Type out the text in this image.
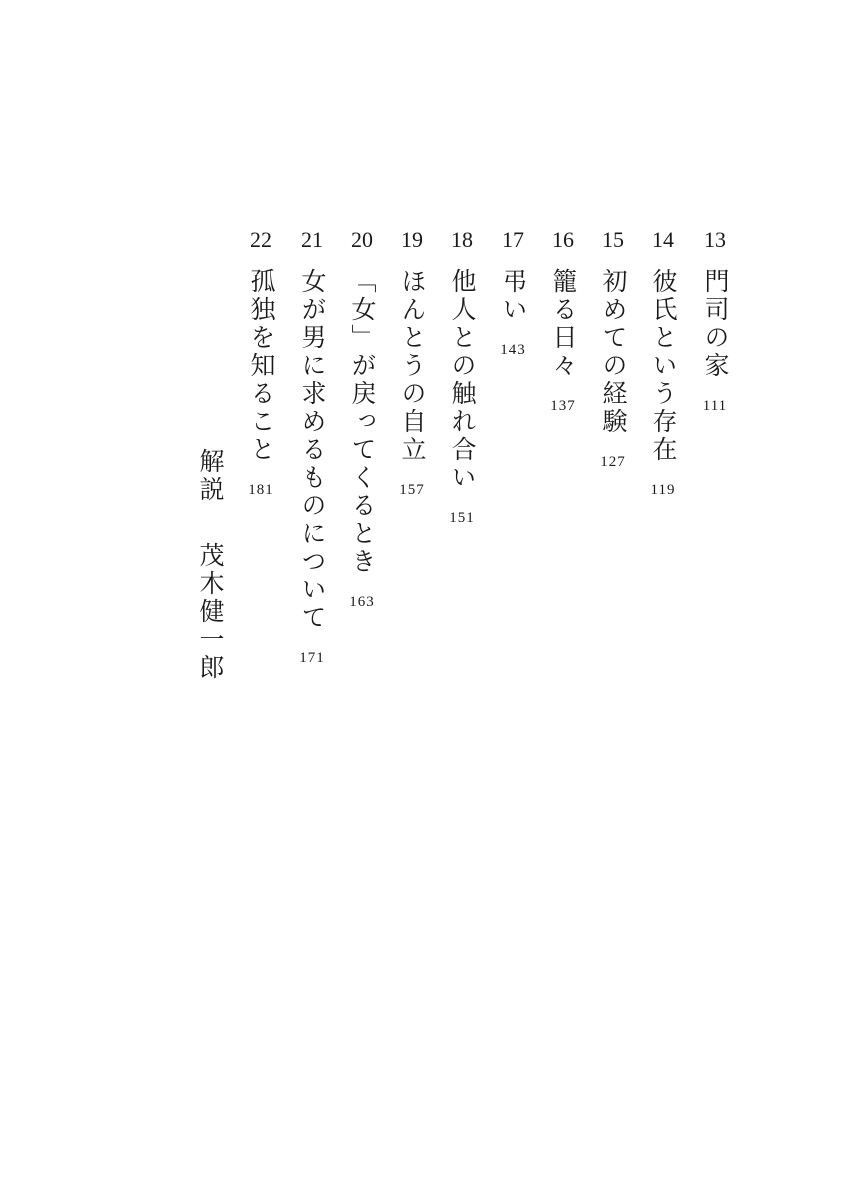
13
門司の家
111
14
彼氏という存在
119
15
初めての経験
127
16
籠る日々
137
17
弔い
143
18
他人との触れ合い
151
19
ほんとうの自立
157
20
「女」が戻ってくるとき
163
21
女が男に求めるものについて
171
22
孤独を知ること
181
解説
茂木健一郎
